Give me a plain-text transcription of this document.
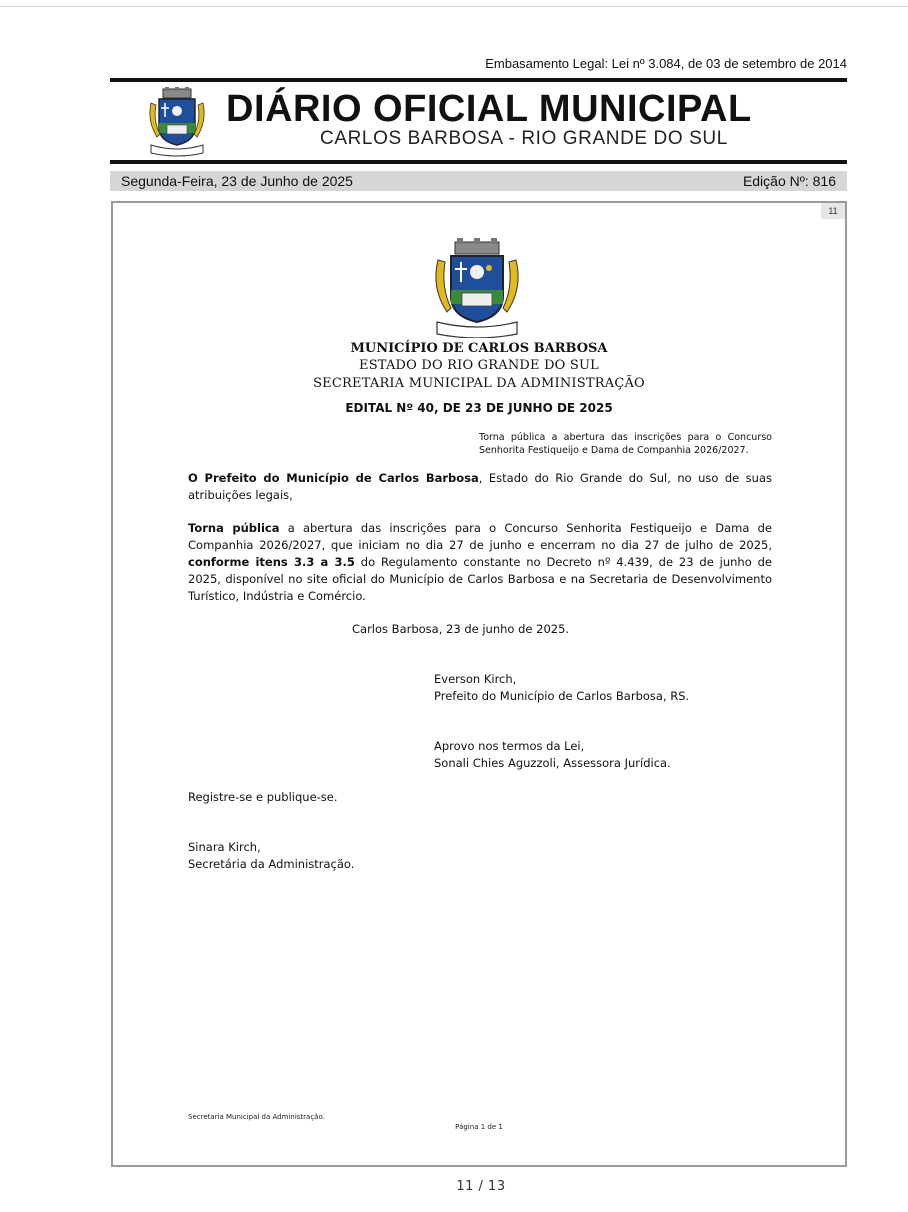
Embasamento Legal: Lei nº 3.084, de 03 de setembro de 2014
DIÁRIO OFICIAL MUNICIPAL
CARLOS BARBOSA - RIO GRANDE DO SUL
Segunda-Feira, 23 de Junho de 2025	Edição Nº: 816
11
MUNICÍPIO DE CARLOS BARBOSA
ESTADO DO RIO GRANDE DO SUL
SECRETARIA MUNICIPAL DA ADMINISTRAÇÃO
EDITAL Nº 40, DE 23 DE JUNHO DE 2025
Torna pública a abertura das inscrições para o Concurso Senhorita Festiqueijo e Dama de Companhia 2026/2027.
O Prefeito do Município de Carlos Barbosa, Estado do Rio Grande do Sul, no uso de suas atribuições legais,
Torna pública a abertura das inscrições para o Concurso Senhorita Festiqueijo e Dama de Companhia 2026/2027, que iniciam no dia 27 de junho e encerram no dia 27 de julho de 2025, conforme itens 3.3 a 3.5 do Regulamento constante no Decreto nº 4.439, de 23 de junho de 2025, disponível no site oficial do Município de Carlos Barbosa e na Secretaria de Desenvolvimento Turístico, Indústria e Comércio.
Carlos Barbosa, 23 de junho de 2025.
Everson Kirch,
Prefeito do Município de Carlos Barbosa, RS.
Aprovo nos termos da Lei,
Sonali Chies Aguzzoli, Assessora Jurídica.
Registre-se e publique-se.
Sinara Kirch,
Secretária da Administração.
Secretaria Municipal da Administração.
Página 1 de 1
11 / 13
